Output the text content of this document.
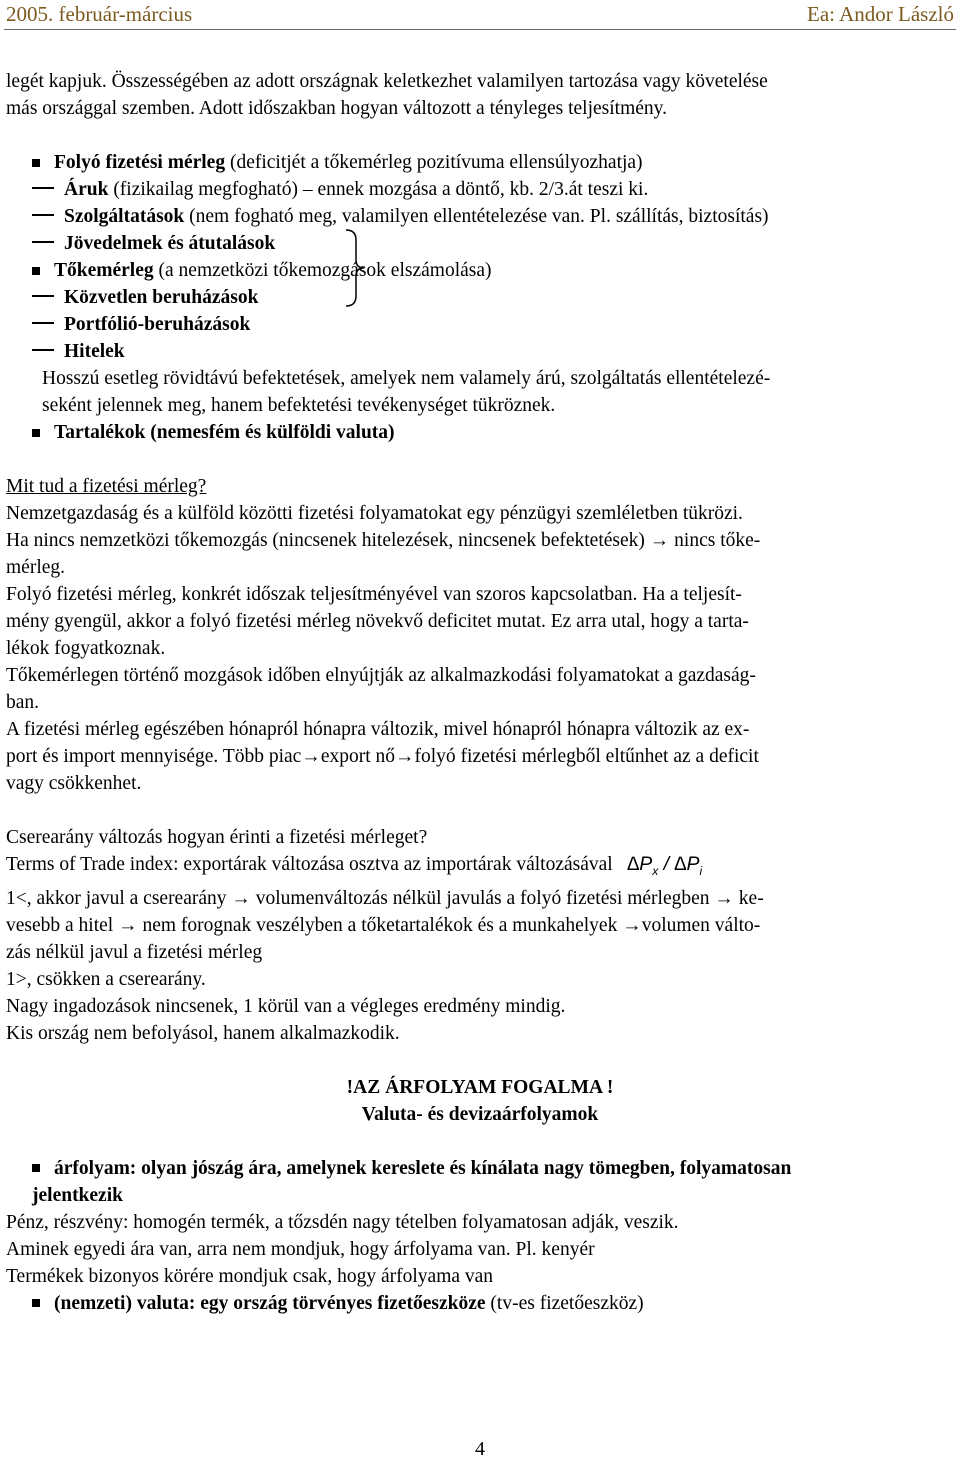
2005. február-március	Ea: Andor László
legét kapjuk. Összességében az adott országnak keletkezhet valamilyen tartozása vagy követelése
más országgal szemben. Adott időszakban hogyan változott a tényleges teljesítmény.
Folyó fizetési mérleg (deficitjét a tőkemérleg pozitívuma ellensúlyozhatja)
Áruk (fizikailag megfogható) ‒ ennek mozgása a döntő, kb. 2/3.át teszi ki.
Szolgáltatások (nem fogható meg, valamilyen ellentételezése van. Pl. szállítás, biztosítás)
Jövedelmek és átutalások
Tőkemérleg (a nemzetközi tőkemozgások elszámolása)
Közvetlen beruházások
Portfólió-beruházások
Hitelek
Hosszú esetleg rövidtávú befektetések, amelyek nem valamely árú, szolgáltatás ellentételezé-
seként jelennek meg, hanem befektetési tevékenységet tükröznek.
Tartalékok (nemesfém és külföldi valuta)
Mit tud a fizetési mérleg?
Nemzetgazdaság és a külföld közötti fizetési folyamatokat egy pénzügyi szemléletben tükrözi.
Ha nincs nemzetközi tőkemozgás (nincsenek hitelezések, nincsenek befektetések) → nincs tőke-
mérleg.
Folyó fizetési mérleg, konkrét időszak teljesítményével van szoros kapcsolatban. Ha a teljesít-
mény gyengül, akkor a folyó fizetési mérleg növekvő deficitet mutat. Ez arra utal, hogy a tarta-
lékok fogyatkoznak.
Tőkemérlegen történő mozgások időben elnyújtják az alkalmazkodási folyamatokat a gazdaság-
ban.
A fizetési mérleg egészében hónapról hónapra változik, mivel hónapról hónapra változik az ex-
port és import mennyisége. Több piac→export nő→folyó fizetési mérlegből eltűnhet az a deficit
vagy csökkenhet.
Cserearány változás hogyan érinti a fizetési mérleget?
Terms of Trade index: exportárak változása osztva az importárak változásával $\Delta P_x / \Delta P_i$
1<, akkor javul a cserearány → volumenváltozás nélkül javulás a folyó fizetési mérlegben → ke-
vesebb a hitel → nem forognak veszélyben a tőketartalékok és a munkahelyek →volumen válto-
zás nélkül javul a fizetési mérleg
1>, csökken a cserearány.
Nagy ingadozások nincsenek, 1 körül van a végleges eredmény mindig.
Kis ország nem befolyásol, hanem alkalmazkodik.
!AZ ÁRFOLYAM FOGALMA !
Valuta- és devizaárfolyamok
árfolyam: olyan jószág ára, amelynek kereslete és kínálata nagy tömegben, folyamatosan
jelentkezik
Pénz, részvény: homogén termék, a tőzsdén nagy tételben folyamatosan adják, veszik.
Aminek egyedi ára van, arra nem mondjuk, hogy árfolyama van. Pl. kenyér
Termékek bizonyos körére mondjuk csak, hogy árfolyama van
(nemzeti) valuta: egy ország törvényes fizetőeszköze (tv-es fizetőeszköz)
4
